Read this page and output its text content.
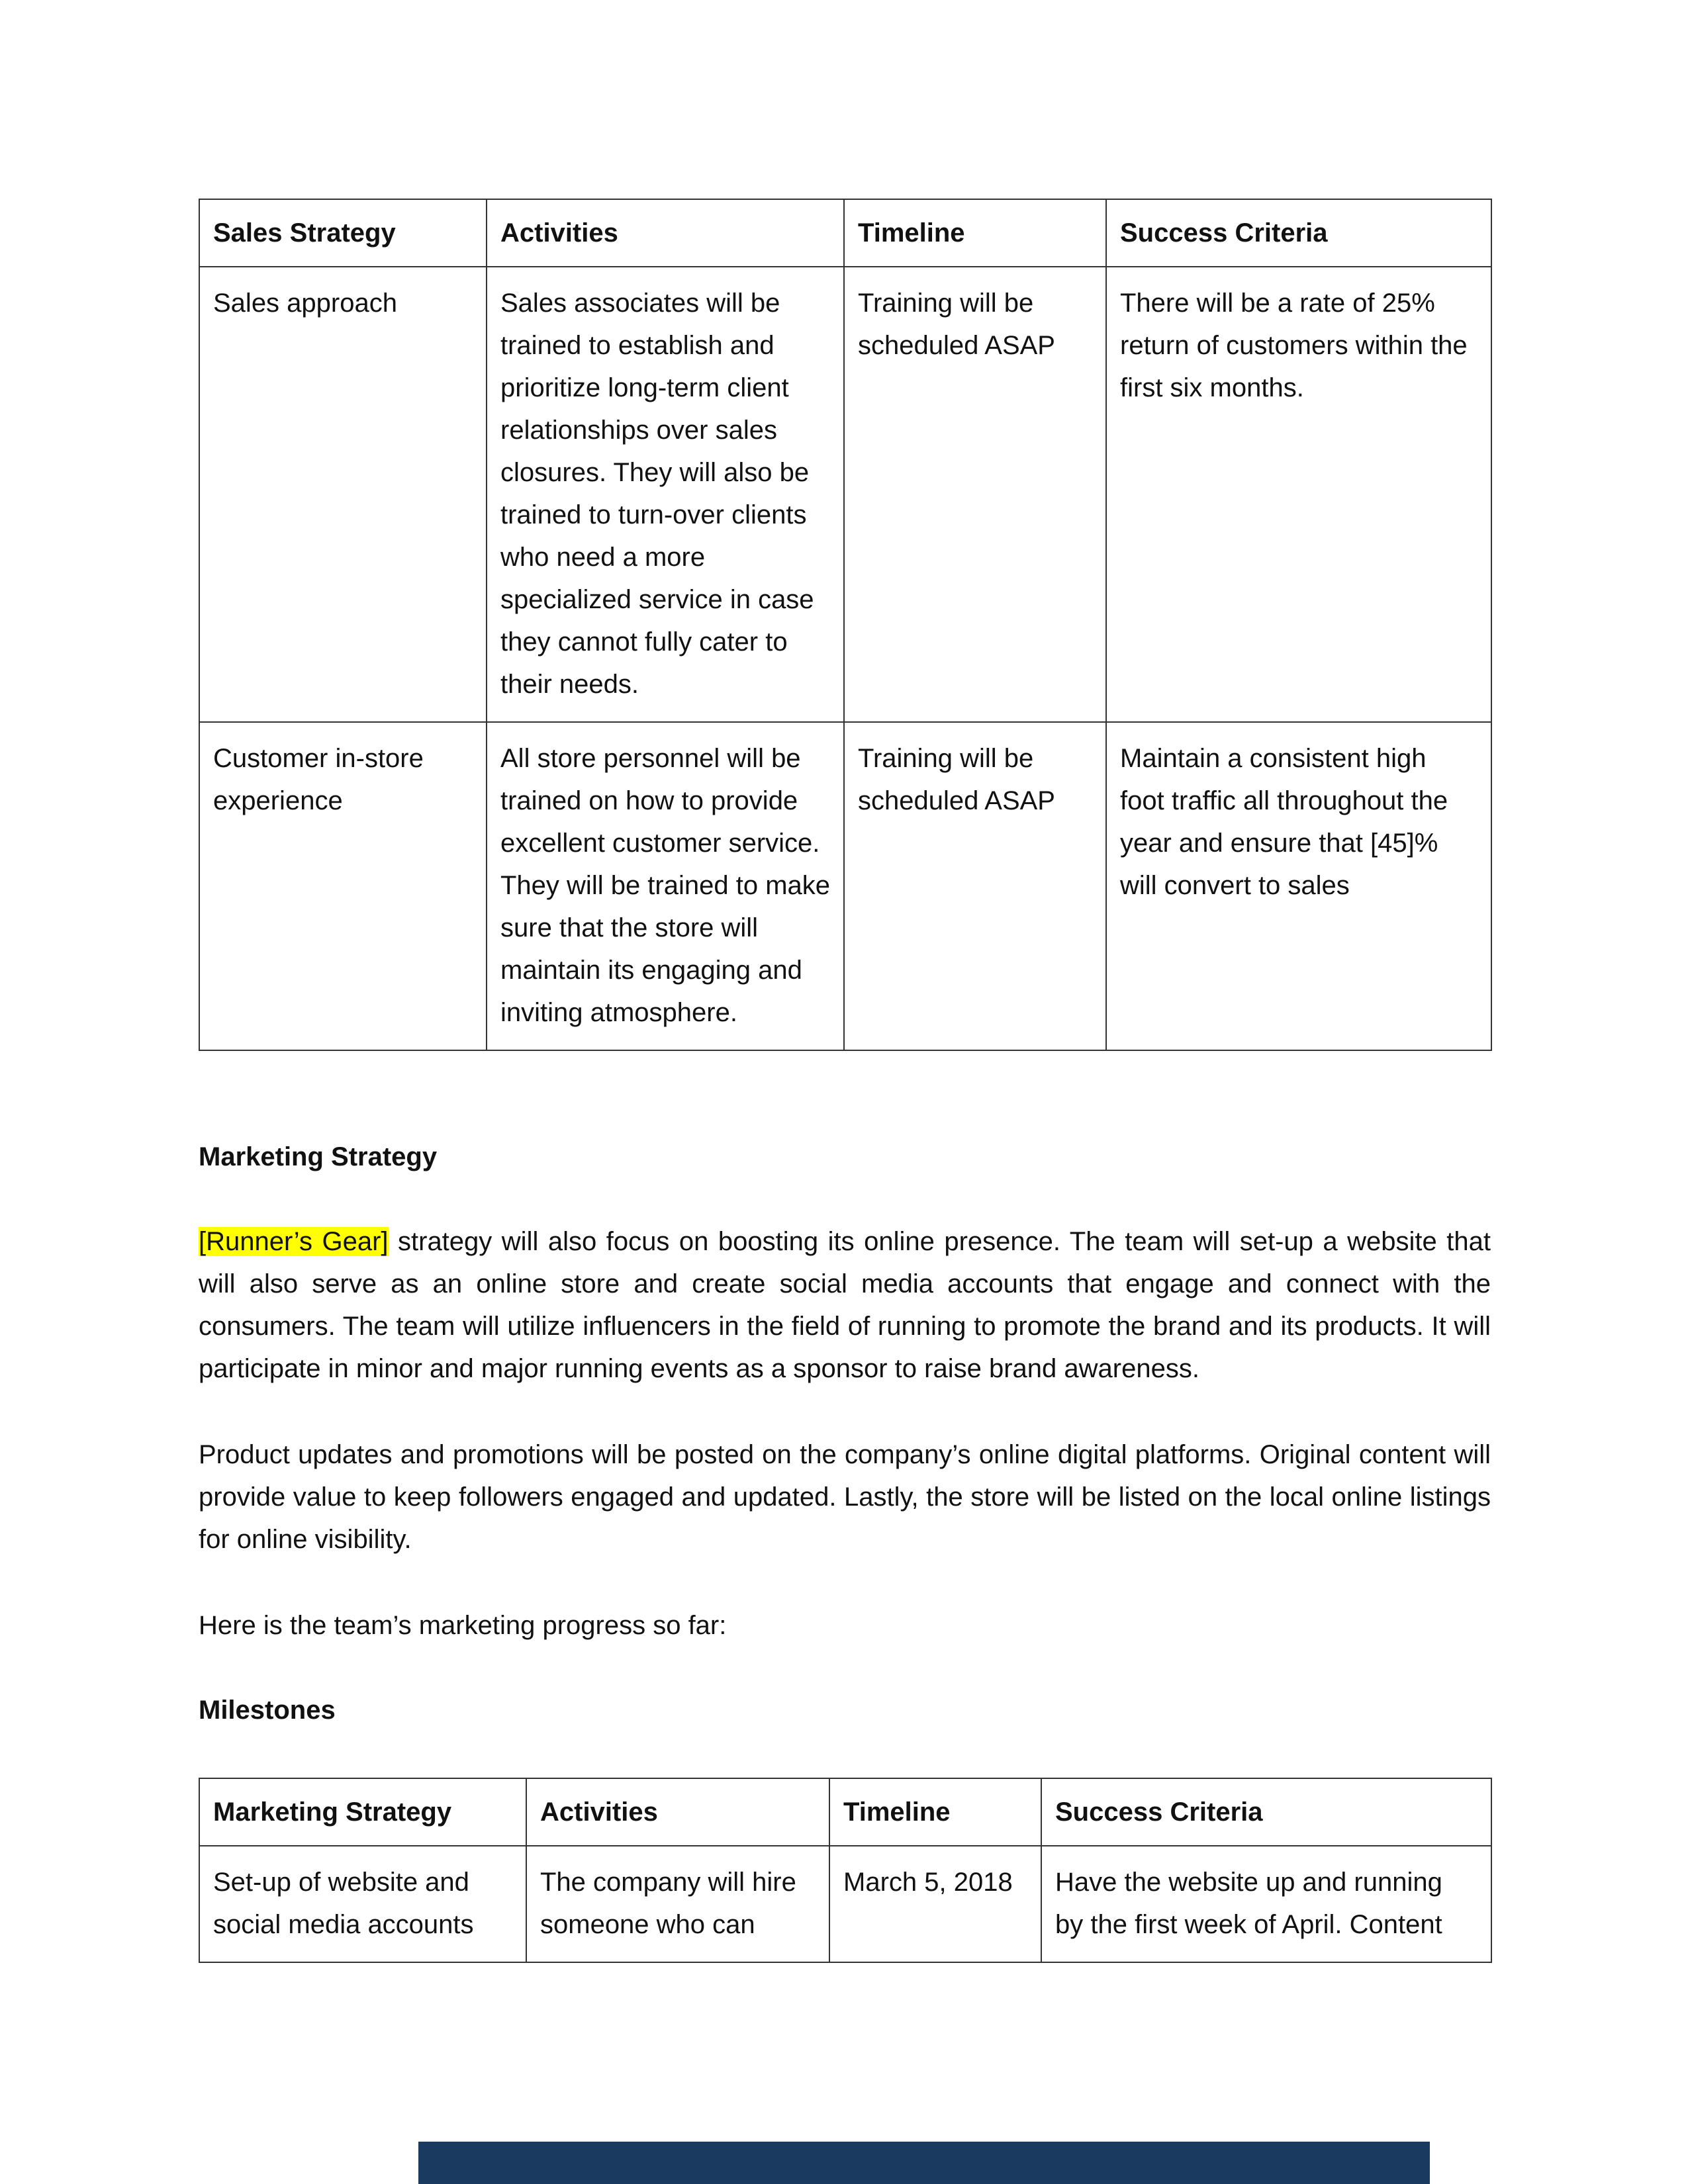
Sales Strategy	Activities	Timeline	Success Criteria
Sales approach	Sales associates will be trained to establish and prioritize long-term client relationships over sales closures. They will also be trained to turn-over clients who need a more specialized service in case they cannot fully cater to their needs.	Training will be scheduled ASAP	There will be a rate of 25% return of customers within the first six months.
Customer in-store experience	All store personnel will be trained on how to provide excellent customer service. They will be trained to make sure that the store will maintain its engaging and inviting atmosphere.	Training will be scheduled ASAP	Maintain a consistent high foot traffic all throughout the year and ensure that [45]% will convert to sales
Marketing Strategy

[Runner’s Gear] strategy will also focus on boosting its online presence. The team will set-up a website that will also serve as an online store and create social media accounts that engage and connect with the consumers. The team will utilize influencers in the field of running to promote the brand and its products. It will participate in minor and major running events as a sponsor to raise brand awareness.

Product updates and promotions will be posted on the company’s online digital platforms. Original content will provide value to keep followers engaged and updated. Lastly, the store will be listed on the local online listings for online visibility.

Here is the team’s marketing progress so far:

Milestones
Marketing Strategy	Activities	Timeline	Success Criteria
Set-up of website and social media accounts	The company will hire someone who can	March 5, 2018	Have the website up and running by the first week of April. Content
